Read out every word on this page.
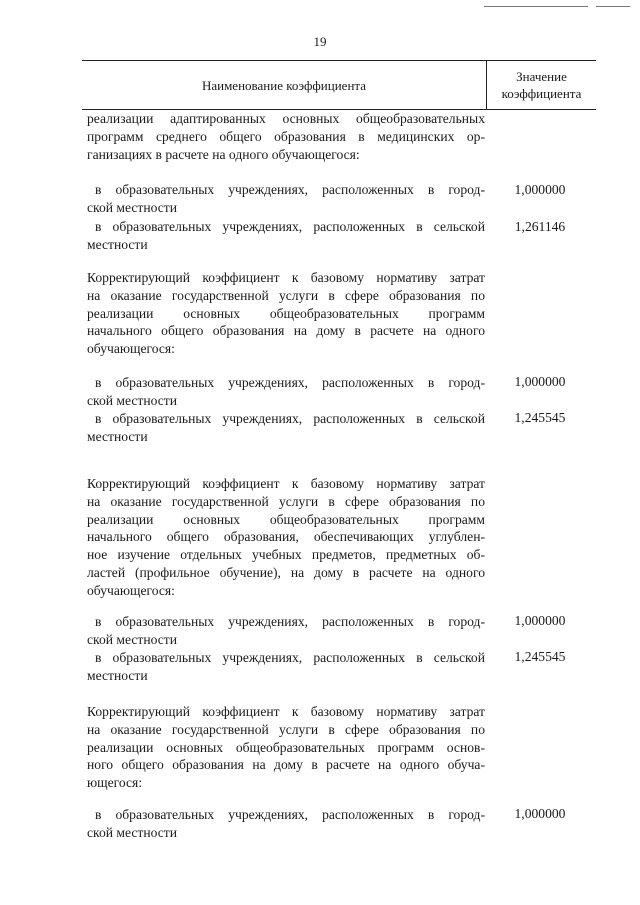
19
Наименование коэффициента
Значение
коэффициента
реализации адаптированных основных общеобразовательных
программ среднего общего образования в медицинских ор-
ганизациях в расчете на одного обучающегося:
в образовательных учреждениях, расположенных в город-
ской местности
1,000000
в образовательных учреждениях, расположенных в сельской
местности
1,261146
Корректирующий коэффициент к базовому нормативу затрат
на оказание государственной услуги в сфере образования по
реализации основных общеобразовательных программ
начального общего образования на дому в расчете на одного
обучающегося:
в образовательных учреждениях, расположенных в город-
ской местности
1,000000
в образовательных учреждениях, расположенных в сельской
местности
1,245545
Корректирующий коэффициент к базовому нормативу затрат
на оказание государственной услуги в сфере образования по
реализации основных общеобразовательных программ
начального общего образования, обеспечивающих углублен-
ное изучение отдельных учебных предметов, предметных об-
ластей (профильное обучение), на дому в расчете на одного
обучающегося:
в образовательных учреждениях, расположенных в город-
ской местности
1,000000
в образовательных учреждениях, расположенных в сельской
местности
1,245545
Корректирующий коэффициент к базовому нормативу затрат
на оказание государственной услуги в сфере образования по
реализации основных общеобразовательных программ основ-
ного общего образования на дому в расчете на одного обуча-
ющегося:
в образовательных учреждениях, расположенных в город-
ской местности
1,000000
